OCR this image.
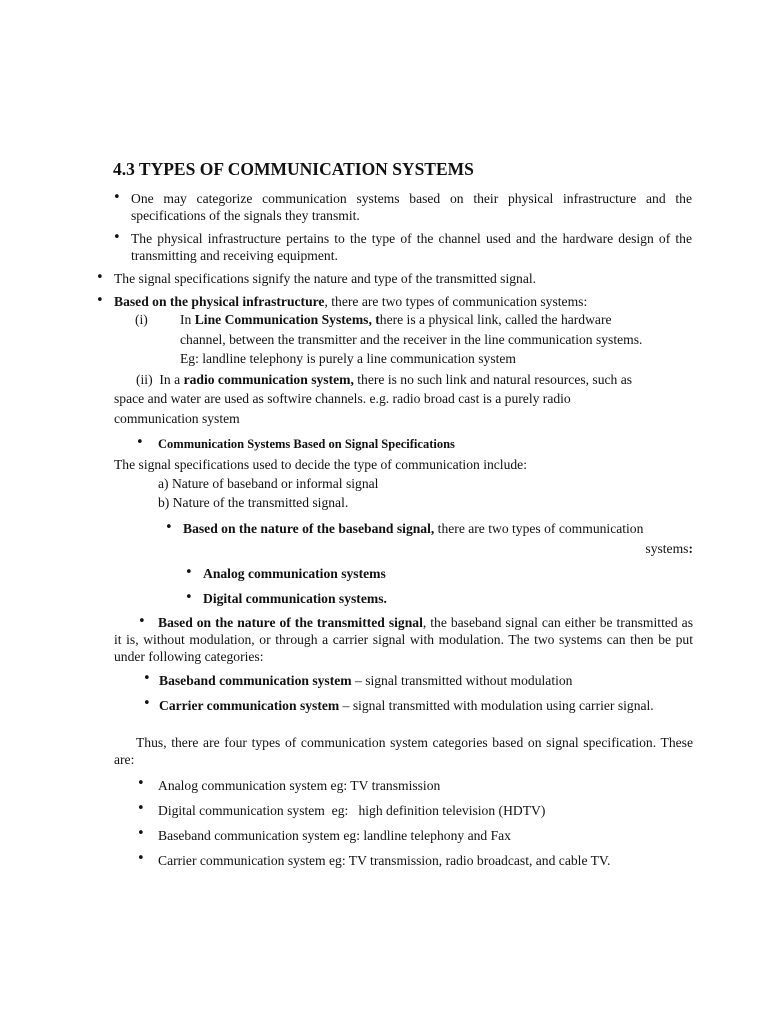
4.3 TYPES OF COMMUNICATION SYSTEMS
• One may categorize communication systems based on their physical infrastructure and the specifications of the signals they transmit.
• The physical infrastructure pertains to the type of the channel used and the hardware design of the transmitting and receiving equipment.
• The signal specifications signify the nature and type of the transmitted signal.
• Based on the physical infrastructure, there are two types of communication systems:
(i) In Line Communication Systems, there is a physical link, called the hardware
channel, between the transmitter and the receiver in the line communication systems.
Eg: landline telephony is purely a line communication system
(ii) In a radio communication system, there is no such link and natural resources, such as
space and water are used as softwire channels. e.g. radio broad cast is a purely radio
communication system
• Communication Systems Based on Signal Specifications
The signal specifications used to decide the type of communication include:
a) Nature of baseband or informal signal
b) Nature of the transmitted signal.
• Based on the nature of the baseband signal, there are two types of communication
systems:
• Analog communication systems
• Digital communication systems.
• Based on the nature of the transmitted signal, the baseband signal can either be transmitted as it is, without modulation, or through a carrier signal with modulation. The two systems can then be put under following categories:
• Baseband communication system – signal transmitted without modulation
• Carrier communication system – signal transmitted with modulation using carrier signal.
Thus, there are four types of communication system categories based on signal specification. These are:
• Analog communication system eg: TV transmission
• Digital communication system  eg:   high definition television (HDTV)
• Baseband communication system eg: landline telephony and Fax
• Carrier communication system eg: TV transmission, radio broadcast, and cable TV.
